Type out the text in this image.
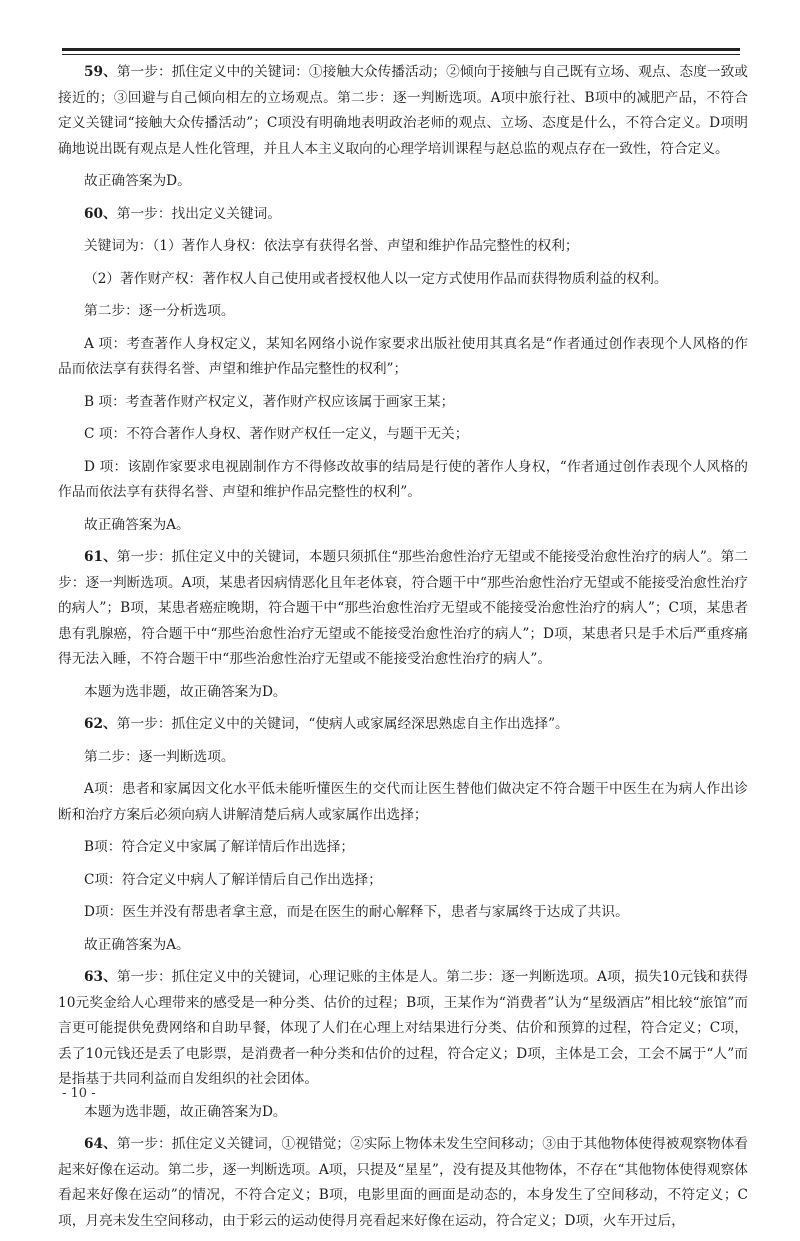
59、第一步：抓住定义中的关键词：①接触大众传播活动；②倾向于接触与自己既有立场、观点、态度一致或接近的；③回避与自己倾向相左的立场观点。第二步：逐一判断选项。A项中旅行社、B项中的减肥产品，不符合定义关键词“接触大众传播活动”；C项没有明确地表明政治老师的观点、立场、态度是什么，不符合定义。D项明确地说出既有观点是人性化管理，并且人本主义取向的心理学培训课程与赵总监的观点存在一致性，符合定义。

故正确答案为D。

60、第一步：找出定义关键词。

关键词为：（1）著作人身权：依法享有获得名誉、声望和维护作品完整性的权利；

（2）著作财产权：著作权人自己使用或者授权他人以一定方式使用作品而获得物质利益的权利。

第二步：逐一分析选项。

A 项：考查著作人身权定义，某知名网络小说作家要求出版社使用其真名是“作者通过创作表现个人风格的作品而依法享有获得名誉、声望和维护作品完整性的权利”；

B 项：考查著作财产权定义，著作财产权应该属于画家王某；

C 项：不符合著作人身权、著作财产权任一定义，与题干无关；

D 项：该剧作家要求电视剧制作方不得修改故事的结局是行使的著作人身权，“作者通过创作表现个人风格的作品而依法享有获得名誉、声望和维护作品完整性的权利”。

故正确答案为A。

61、第一步：抓住定义中的关键词，本题只须抓住“那些治愈性治疗无望或不能接受治愈性治疗的病人”。第二步：逐一判断选项。A项，某患者因病情恶化且年老体衰，符合题干中“那些治愈性治疗无望或不能接受治愈性治疗的病人”；B项，某患者癌症晚期，符合题干中“那些治愈性治疗无望或不能接受治愈性治疗的病人”；C项，某患者患有乳腺癌，符合题干中“那些治愈性治疗无望或不能接受治愈性治疗的病人”；D项，某患者只是手术后严重疼痛得无法入睡，不符合题干中“那些治愈性治疗无望或不能接受治愈性治疗的病人”。

本题为选非题，故正确答案为D。

62、第一步：抓住定义中的关键词，“使病人或家属经深思熟虑自主作出选择”。

第二步：逐一判断选项。

A项：患者和家属因文化水平低未能听懂医生的交代而让医生替他们做决定不符合题干中医生在为病人作出诊断和治疗方案后必须向病人讲解清楚后病人或家属作出选择；

B项：符合定义中家属了解详情后作出选择；

C项：符合定义中病人了解详情后自己作出选择；

D项：医生并没有帮患者拿主意，而是在医生的耐心解释下，患者与家属终于达成了共识。

故正确答案为A。

63、第一步：抓住定义中的关键词，心理记账的主体是人。第二步：逐一判断选项。A项，损失10元钱和获得10元奖金给人心理带来的感受是一种分类、估价的过程；B项，王某作为“消费者”认为“星级酒店”相比较“旅馆”而言更可能提供免费网络和自助早餐，体现了人们在心理上对结果进行分类、估价和预算的过程，符合定义；C项，丢了10元钱还是丢了电影票，是消费者一种分类和估价的过程，符合定义；D项，主体是工会，工会不属于“人”而是指基于共同利益而自发组织的社会团体。

本题为选非题，故正确答案为D。

64、第一步：抓住定义关键词，①视错觉；②实际上物体未发生空间移动；③由于其他物体使得被观察物体看起来好像在运动。第二步，逐一判断选项。A项，只提及“星星”，没有提及其他物体，不存在“其他物体使得观察体看起来好像在运动”的情况，不符合定义；B项，电影里面的画面是动态的，本身发生了空间移动，不符定义；C项，月亮未发生空间移动，由于彩云的运动使得月亮看起来好像在运动，符合定义；D项，火车开过后，

- 10 -
